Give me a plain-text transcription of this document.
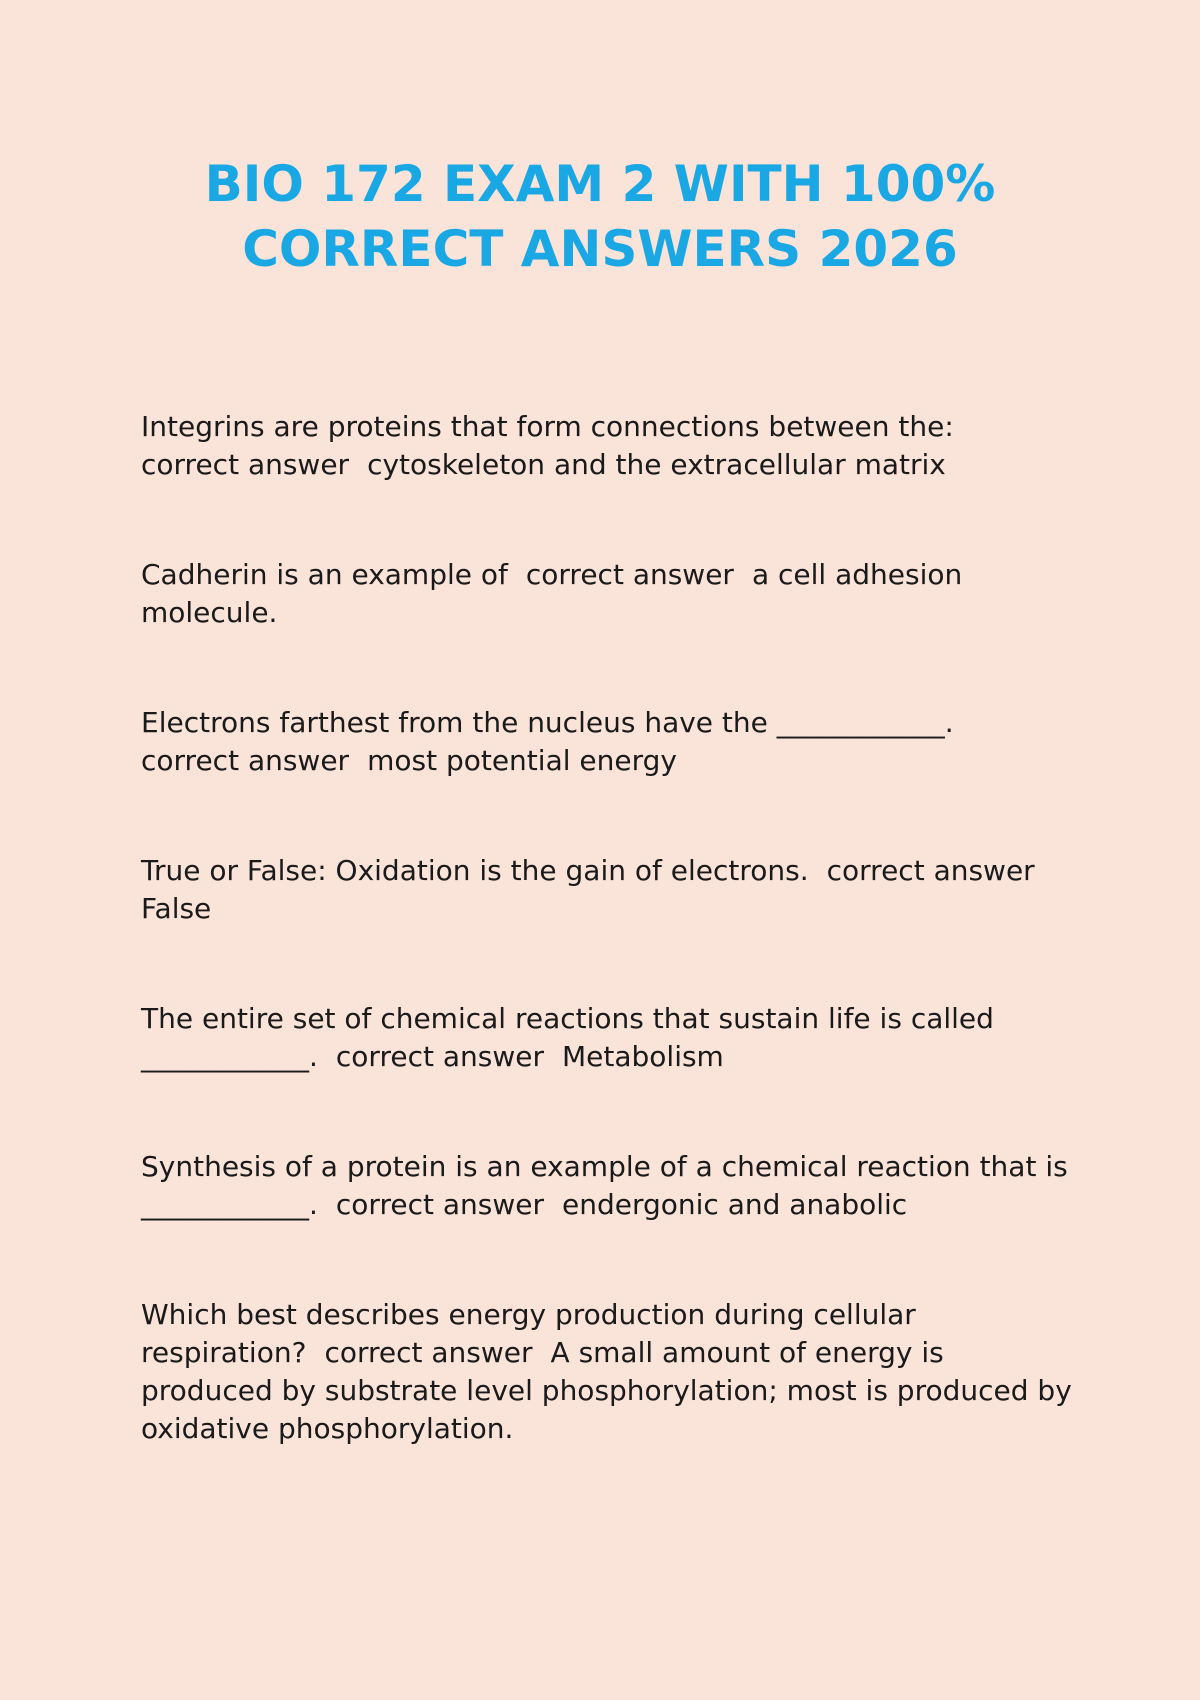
BIO 172 EXAM 2 WITH 100%
CORRECT ANSWERS 2026

Integrins are proteins that form connections between the:
correct answer cytoskeleton and the extracellular matrix

Cadherin is an example of correct answer a cell adhesion molecule.

Electrons farthest from the nucleus have the ____________.
correct answer most potential energy

True or False: Oxidation is the gain of electrons. correct answerFalse

The entire set of chemical reactions that sustain life is called ____________. correct answer Metabolism

Synthesis of a protein is an example of a chemical reaction that is ____________. correct answer endergonic and anabolic

Which best describes energy production during cellular respiration? correct answer A small amount of energy is produced by substrate level phosphorylation; most is produced by oxidative phosphorylation.
